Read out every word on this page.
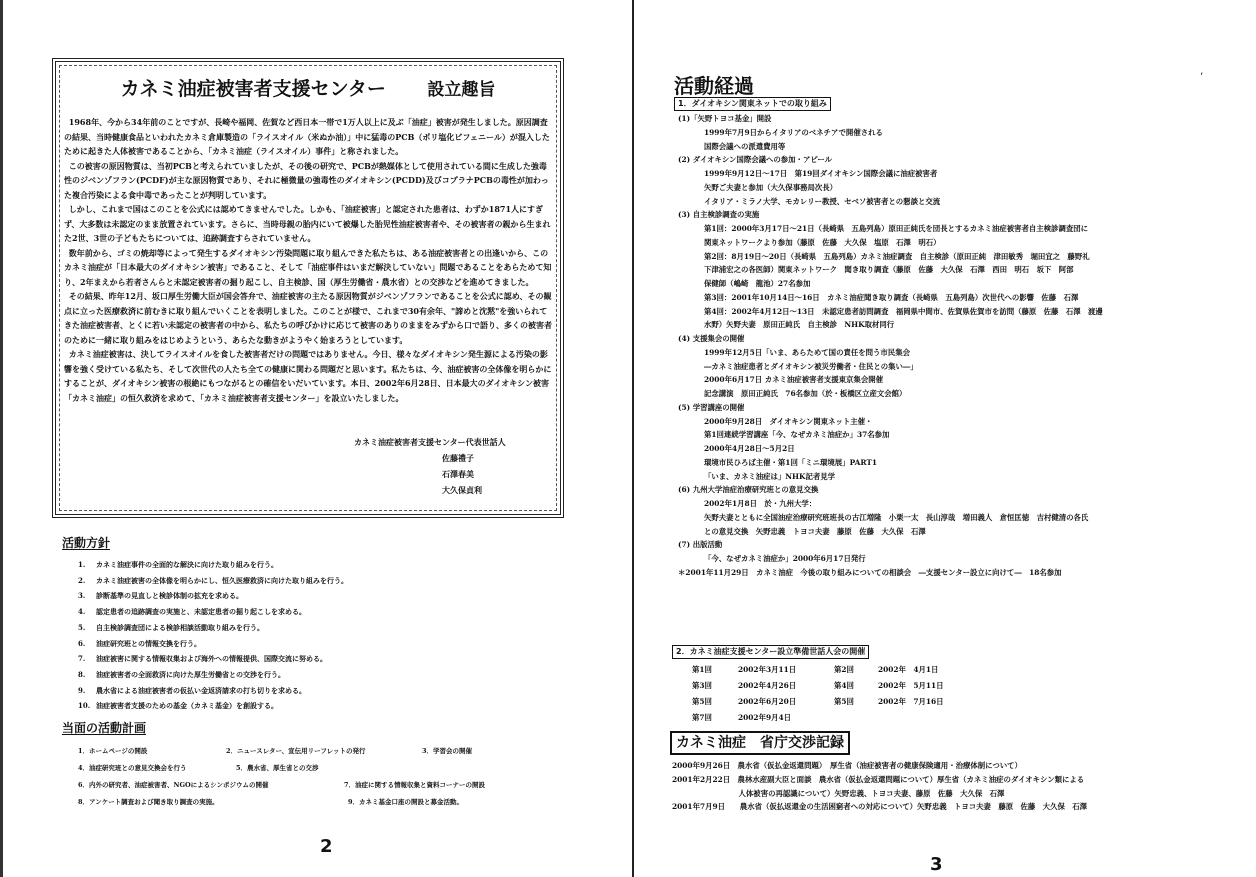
カネミ油症被害者支援センター 設立趣旨

1968年、今から34年前のことですが、長崎や福岡、佐賀など西日本一帯で1万人以上に及ぶ「油症」被害が発生しました。原因調査の結果、当時健康食品といわれたカネミ倉庫製造の「ライスオイル（米ぬか油）」中に猛毒のPCB（ポリ塩化ビフェニール）が混入したために起きた人体被害であることから、「カネミ油症（ライスオイル）事件」と称されました。

この被害の原因物質は、当初PCBと考えられていましたが、その後の研究で、PCBが熱媒体として使用されている間に生成した強毒性のジベンゾフラン(PCDF)が主な原因物質であり、それに極微量の強毒性のダイオキシン(PCDD)及びコプラナPCBの毒性が加わった複合汚染による食中毒であったことが判明しています。

しかし、これまで国はこのことを公式には認めてきませんでした。しかも、「油症被害」と認定された患者は、わずか1871人にすぎず、大多数は未認定のまま放置されています。さらに、当時母親の胎内にいて被爆した胎児性油症被害者や、その被害者の親から生まれた2世、3世の子どもたちについては、追跡調査すらされていません。

数年前から、ゴミの焼却等によって発生するダイオキシン汚染問題に取り組んできた私たちは、ある油症被害者との出逢いから、このカネミ油症が「日本最大のダイオキシン被害」であること、そして「油症事件はいまだ解決していない」問題であることをあらためて知り、2年まえから若者さんらと未認定被害者の掘り起こし、自主検診、国（厚生労働省・農水省）との交渉などを進めてきました。

その結果、昨年12月、坂口厚生労働大臣が国会答弁で、油症被害の主たる原因物質がジベンゾフランであることを公式に認め、その観点に立った医療救済に前むきに取り組んでいくことを表明しました。このことが様で、これまで30有余年、"諦めと沈黙"を強いられてきた油症被害者、とくに若い未認定の被害者の中から、私たちの呼びかけに応じて被害のありのままをみずから口で語り、多くの被害者のために一緒に取り組みをはじめようという、あらたな動きがようやく始まろうとしています。

カネミ油症被害は、決してライスオイルを食した被害者だけの問題ではありません。今日、様々なダイオキシン発生源による汚染の影響を強く受けている私たち、そして次世代の人たち全ての健康に関わる問題だと思います。私たちは、今、油症被害の全体像を明らかにすることが、ダイオキシン被害の根絶にもつながるとの確信をいだいています。本日、2002年6月28日、日本最大のダイオキシン被害「カネミ油症」の恒久救済を求めて、「カネミ油症被害者支援センター」を設立いたしました。

カネミ油症被害者支援センター代表世話人
佐藤禮子
石澤春美
大久保貞利
活動方針
1. カネミ油症事件の全面的な解決に向けた取り組みを行う。
2. カネミ油症被害の全体像を明らかにし、恒久医療救済に向けた取り組みを行う。
3. 診断基準の見直しと検診体制の拡充を求める。
4. 認定患者の追跡調査の実施と、未認定患者の掘り起こしを求める。
5. 自主検診調査団による検診相談活動取り組みを行う。
6. 油症研究班との情報交換を行う。
7. 油症被害に関する情報収集および海外への情報提供、国際交流に努める。
8. 油症被害者の全面救済に向けた厚生労働省との交渉を行う。
9. 農水省による油症被害者の仮払い金返済請求の打ち切りを求める。
10. 油症被害者支援のための基金（カネミ基金）を創設する。
当面の活動計画
1．ホームページの開設	2．ニュースレター、宣伝用リーフレットの発行	3．学習会の開催
4．油症研究班との意見交換会を行う	5．農水省、厚生省との交渉
6．内外の研究者、油症被害者、NGOによるシンポジウムの開催	7．油症に関する情報収集と資料コーナーの開設
8．アンケート調査および聞き取り調査の実施。	9．カネミ基金口座の開設と募金活動。
2
活動経過	’
1．ダイオキシン関東ネットでの取り組み
(1)「矢野トヨコ基金」開設
1999年7月9日からイタリアのベネチアで開催される
国際会議への派遣費用等
(2) ダイオキシン国際会議への参加・アピール
1999年9月12日～17日　第19回ダイオキシン国際会議に油症被害者
矢野ご夫妻と参加（大久保事務局次長）
イタリア・ミラノ大学、モカレリー教授、セベソ被害者との懇談と交流
(3) 自主検診調査の実施
第1回：2000年3月17日～21日（長崎県　五島列島）原田正純氏を団長とするカネミ油症被害者自主検診調査団に
関東ネットワークより参加（藤原　佐藤　大久保　塩原　石澤　明石）
第2回：8月19日～20日（長崎県　五島列島）カネミ油症調査　自主検診（原田正純　津田敏秀　堀田宜之　藤野礼
下津浦宏之の各医師）関東ネットワーク　聞き取り調査（藤原　佐藤　大久保　石澤　西田　明石　坂下　阿部
保健師（嶋崎　龍池）27名参加
第3回：2001年10月14日～16日　カネミ油症聞き取り調査（長崎県　五島列島）次世代への影響　佐藤　石澤
第4回：2002年4月12日～13日　未認定患者訪問調査　福岡県中間市、佐賀県佐賀市を訪問（藤原　佐藤　石澤　渡邊
水野）矢野夫妻　原田正純氏　自主検診　NHK取材同行
(4) 支援集会の開催
1999年12月5日「いま、あらためて国の責任を問う市民集会
―カネミ油症患者とダイオキシン被災労働者・住民との集い―」
2000年6月17日 カネミ油症被害者支援東京集会開催
記念講演　原田正純氏　76名参加（於・板橋区立産文会館）
(5) 学習講座の開催
2000年9月28日　ダイオキシン関東ネット主催・
第1回連続学習講座「今、なぜカネミ油症か」37名参加
2000年4月28日～5月2日
環境市民ひろば主催・第1回「ミニ環境展」PART1
「いま、カネミ油症は」NHK記者見学
(6) 九州大学油症治療研究班との意見交換
2002年1月8日　於・九州大学：
矢野夫妻とともに全国油症治療研究班班長の古江増隆　小栗一太　長山淳哉　増田義人　倉恒匡徳　吉村健清の各氏
との意見交換　矢野忠義　トヨコ夫妻　藤原　佐藤　大久保　石澤
(7) 出版活動
「今、なぜカネミ油症か」2000年6月17日発行
＊2001年11月29日　カネミ油症　今後の取り組みについての相談会　―支援センター設立に向けて―　18名参加
2．カネミ油症支援センター設立準備世話人会の開催
第1回	2002年3月11日	第2回	2002年　4月1日
第3回	2002年4月26日	第4回	2002年　5月11日
第5回	2002年6月20日	第5回	2002年　7月16日
第7回	2002年9月4日
カネミ油症　省庁交渉記録
2000年9月26日　農水省（仮払金返還問題）　厚生省（油症被害者の健康保険適用・治療体制について）
2001年2月22日　農林水産副大臣と面談　農水省（仮払金返還問題について）厚生省（カネミ油症のダイオキシン類による
　　　　　　　　　人体被害の再認識について）矢野忠義、トヨコ夫妻、藤原　佐藤　大久保　石澤
2001年7月9日　　農水省（仮払返還金の生活困窮者への対応について）矢野忠義　トヨコ夫妻　藤原　佐藤　大久保　石澤
3
